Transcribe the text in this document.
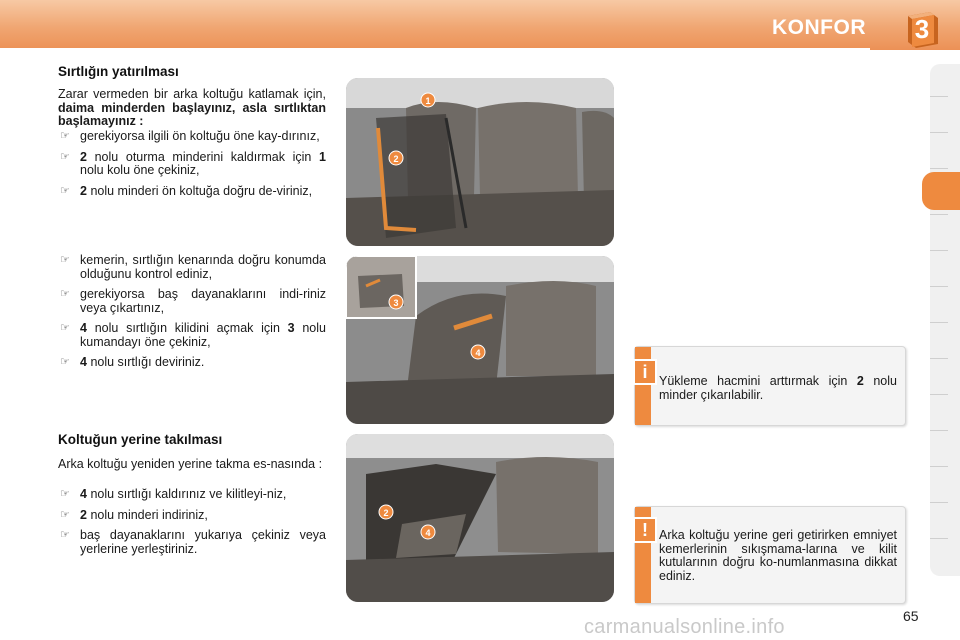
KONFOR	3
Sırtlığın yatırılması
Zarar vermeden bir arka koltuğu katlamak için, daima minderden başlayınız, asla sırtlıktan başlamayınız :
☞ gerekiyorsa ilgili ön koltuğu öne kay-dırınız,
☞ 2 nolu oturma minderini kaldırmak için 1 nolu kolu öne çekiniz,
☞ 2 nolu minderi ön koltuğa doğru de-viriniz,
☞ kemerin, sırtlığın kenarında doğru konumda olduğunu kontrol ediniz,
☞ gerekiyorsa baş dayanaklarını indi-riniz veya çıkartınız,
☞ 4 nolu sırtlığın kilidini açmak için 3 nolu kumandayı öne çekiniz,
☞ 4 nolu sırtlığı deviriniz.
Koltuğun yerine takılması
Arka koltuğu yeniden yerine takma es-nasında :
☞ 4 nolu sırtlığı kaldırınız ve kilitleyi-niz,
☞ 2 nolu minderi indiriniz,
☞ baş dayanaklarını yukarıya çekiniz veya yerlerine yerleştiriniz.
1
2
3
4
2
4
i Yükleme hacmini arttırmak için 2 nolu minder çıkarılabilir.
! Arka koltuğu yerine geri getirirken emniyet kemerlerinin sıkışmama-larına ve kilit kutularının doğru ko-numlanmasına dikkat ediniz.
65
carmanualsonline.info
